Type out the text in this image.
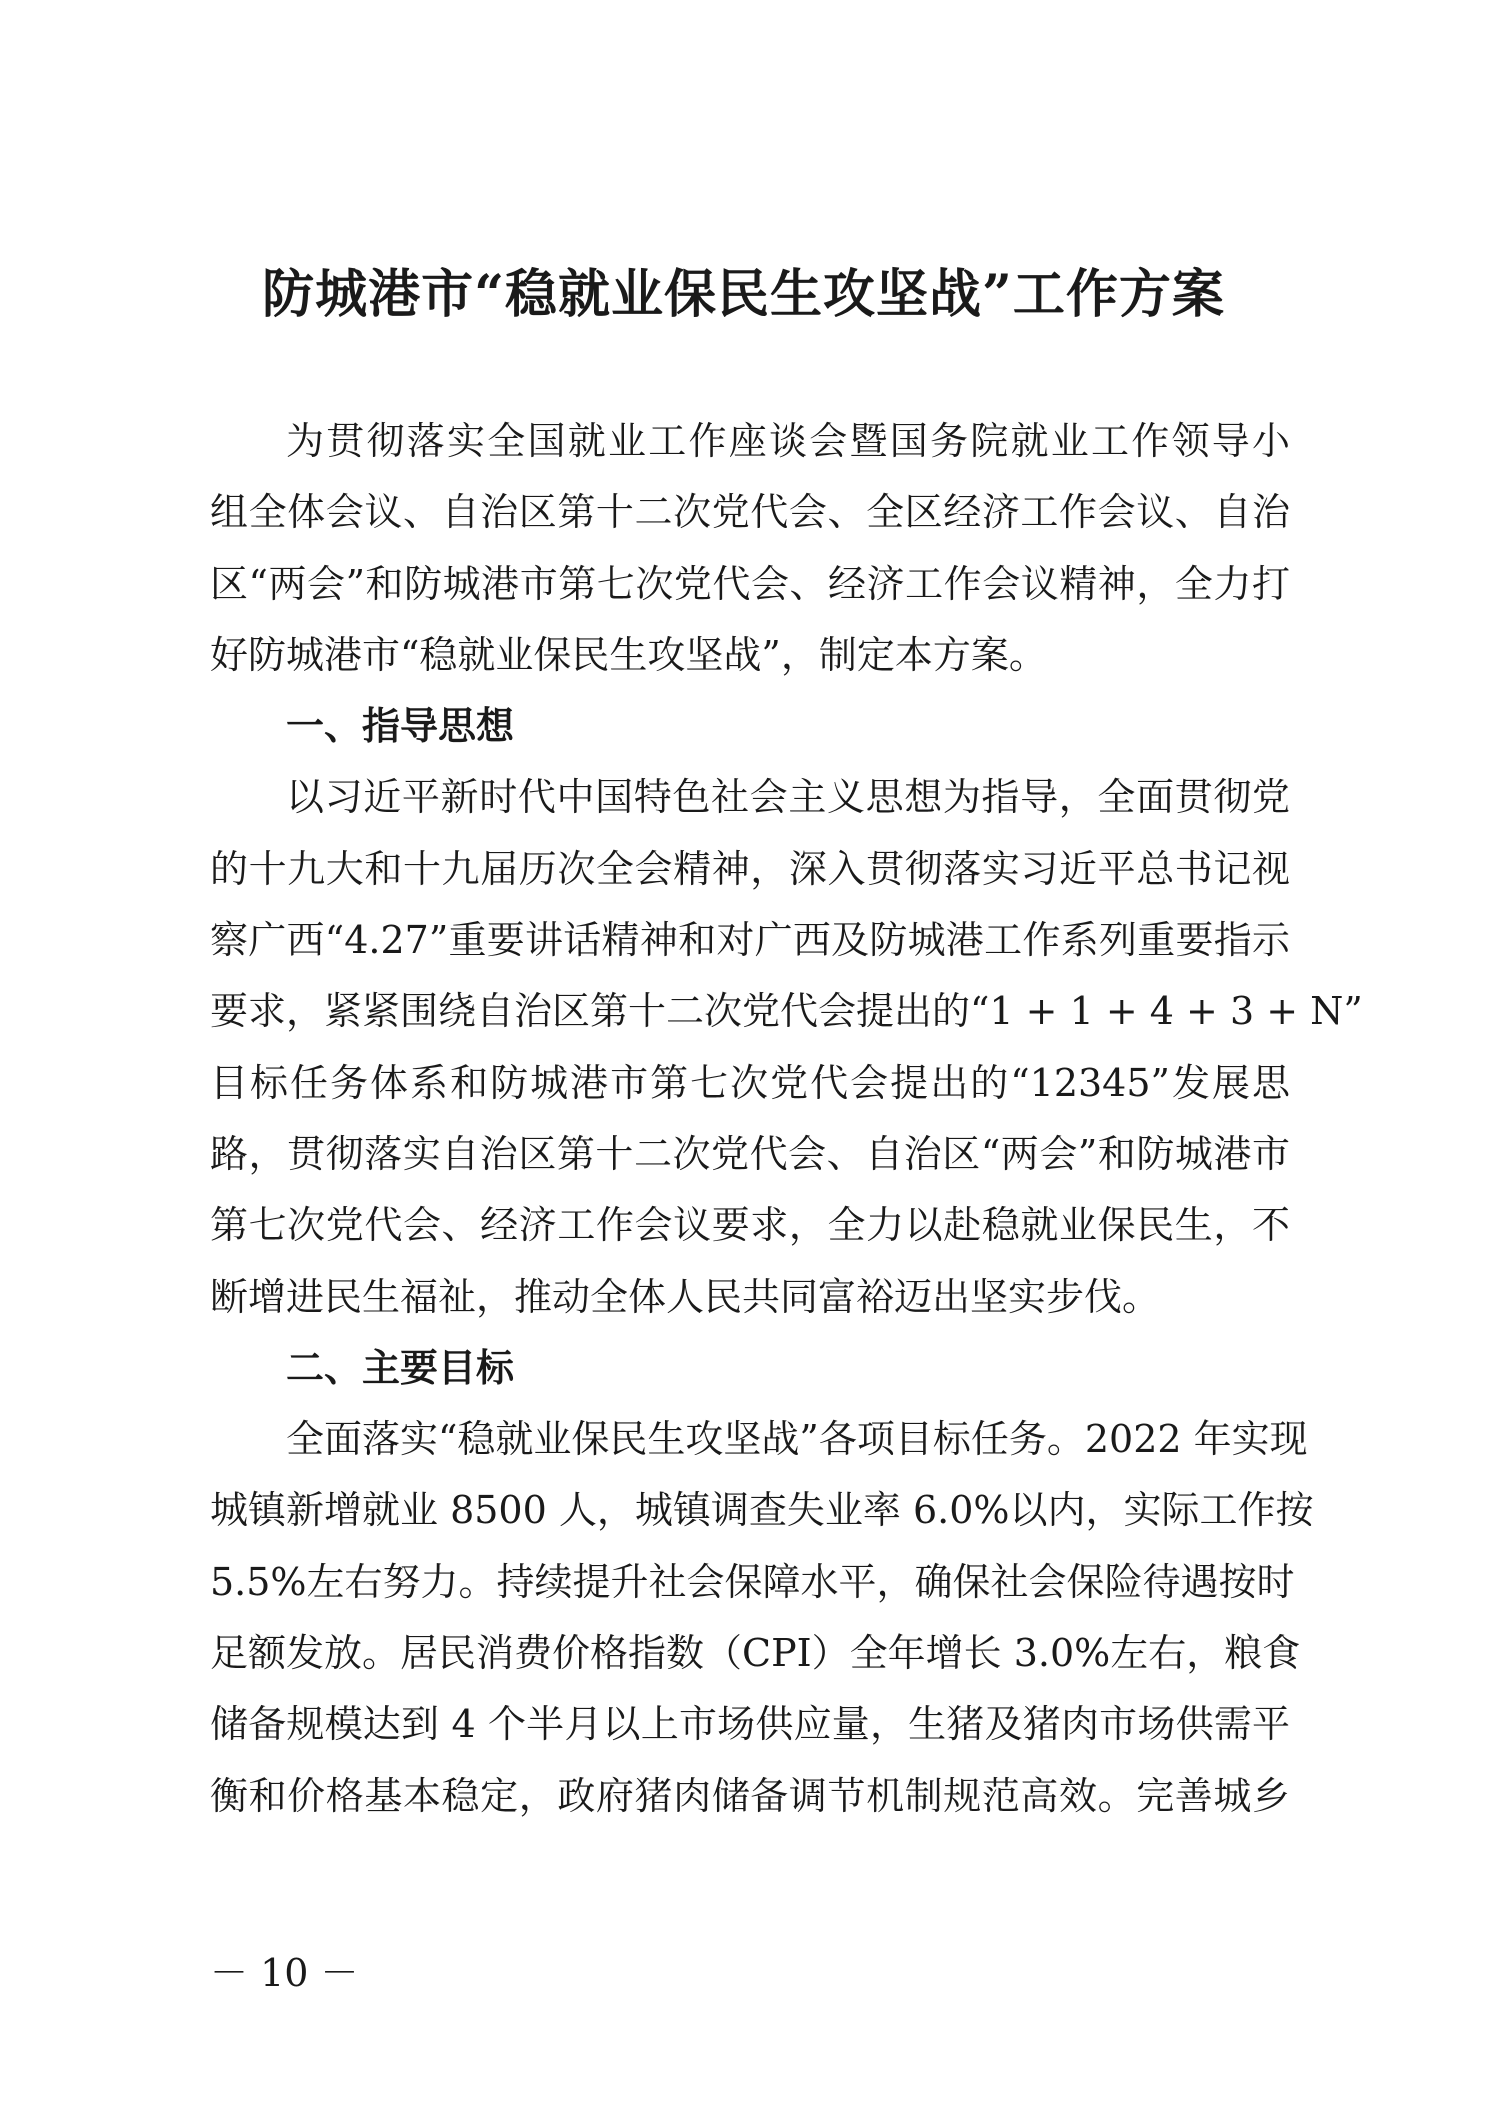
防城港市“稳就业保民生攻坚战”工作方案
为贯彻落实全国就业工作座谈会暨国务院就业工作领导小
组全体会议、自治区第十二次党代会、全区经济工作会议、自治
区“两会”和防城港市第七次党代会、经济工作会议精神，全力打
好防城港市“稳就业保民生攻坚战”，制定本方案。
一、指导思想
以习近平新时代中国特色社会主义思想为指导，全面贯彻党
的十九大和十九届历次全会精神，深入贯彻落实习近平总书记视
察广西“4.27”重要讲话精神和对广西及防城港工作系列重要指示
要求，紧紧围绕自治区第十二次党代会提出的“1 + 1 + 4 + 3 + N”
目标任务体系和防城港市第七次党代会提出的“12345”发展思
路，贯彻落实自治区第十二次党代会、自治区“两会”和防城港市
第七次党代会、经济工作会议要求，全力以赴稳就业保民生，不
断增进民生福祉，推动全体人民共同富裕迈出坚实步伐。
二、主要目标
全面落实“稳就业保民生攻坚战”各项目标任务。2022 年实现
城镇新增就业 8500 人，城镇调查失业率 6.0%以内，实际工作按
5.5%左右努力。持续提升社会保障水平，确保社会保险待遇按时
足额发放。居民消费价格指数（CPI）全年增长 3.0%左右，粮食
储备规模达到 4 个半月以上市场供应量，生猪及猪肉市场供需平
衡和价格基本稳定，政府猪肉储备调节机制规范高效。完善城乡
－ 10 －
